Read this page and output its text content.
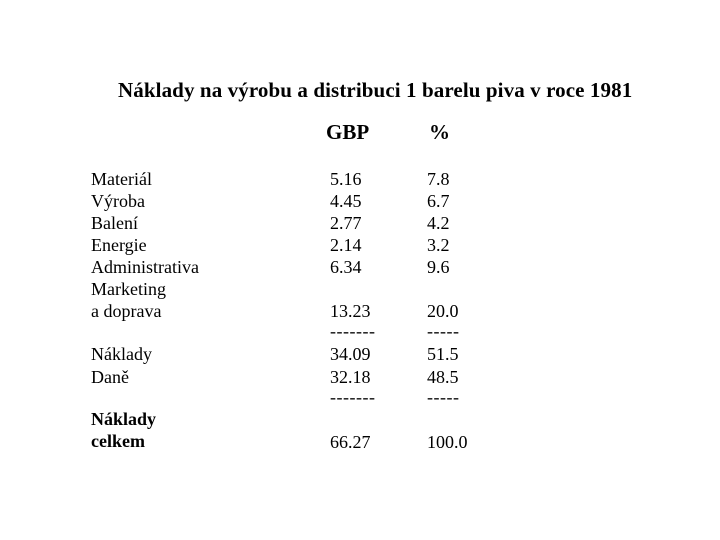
Náklady na výrobu a distribuci 1 barelu piva v roce 1981
GBP	%
Materiál	5.16	7.8
Výroba	4.45	6.7
Balení	2.77	4.2
Energie	2.14	3.2
Administrativa	6.34	9.6
Marketing
a doprava	13.23	20.0
-------	-----
Náklady	34.09	51.5
Daně	32.18	48.5
-------	-----
Náklady
celkem	66.27	100.0
